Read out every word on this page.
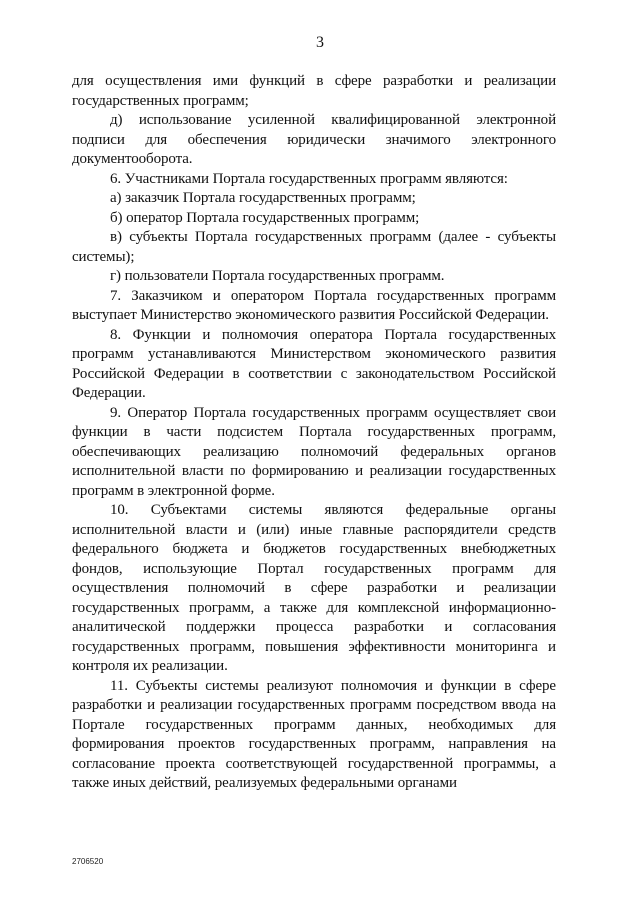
3

для осуществления ими функций в сфере разработки и реализации государственных программ;

д) использование усиленной квалифицированной электронной подписи для обеспечения юридически значимого электронного документооборота.

6. Участниками Портала государственных программ являются:

а) заказчик Портала государственных программ;

б) оператор Портала государственных программ;

в) субъекты Портала государственных программ (далее - субъекты системы);

г) пользователи Портала государственных программ.

7. Заказчиком и оператором Портала государственных программ выступает Министерство экономического развития Российской Федерации.

8. Функции и полномочия оператора Портала государственных программ устанавливаются Министерством экономического развития Российской Федерации в соответствии с законодательством Российской Федерации.

9. Оператор Портала государственных программ осуществляет свои функции в части подсистем Портала государственных программ, обеспечивающих реализацию полномочий федеральных органов исполнительной власти по формированию и реализации государственных программ в электронной форме.

10. Субъектами системы являются федеральные органы исполнительной власти и (или) иные главные распорядители средств федерального бюджета и бюджетов государственных внебюджетных фондов, использующие Портал государственных программ для осуществления полномочий в сфере разработки и реализации государственных программ, а также для комплексной информационно-аналитической поддержки процесса разработки и согласования государственных программ, повышения эффективности мониторинга и контроля их реализации.

11. Субъекты системы реализуют полномочия и функции в сфере разработки и реализации государственных программ посредством ввода на Портале государственных программ данных, необходимых для формирования проектов государственных программ, направления на согласование проекта соответствующей государственной программы, а также иных действий, реализуемых федеральными органами

2706520
